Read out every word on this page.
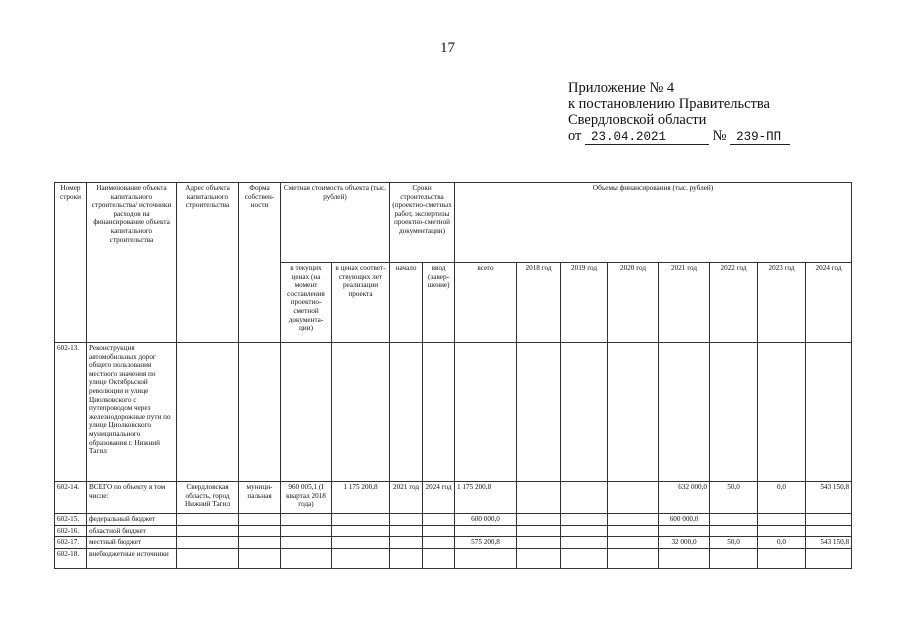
17
Приложение № 4
к постановлению Правительства
Свердловской области
от 23.04.2021	№ 239-ПП
Номер строки	Наименование объекта капитального строительства/ источники расходов на финансирование объекта капитального строительства	Адрес объекта капитального строительства	Форма собствен-ности	Сметная стоимость объекта (тыс. рублей)		Сроки строительства (проектно-сметных работ, экспертизы проектно-сметной документации)		Объемы финансирования (тыс. рублей)							
				в текущих ценах (на момент составления проектно-сметной документа-ции)	в ценах соответ-ствующих лет реализации проекта	начало	ввод (завер-шение)	всего	2018 год	2019 год	2020 год	2021 год	2022 год	2023 год	2024 год
602-13.	Реконструкция автомобильных дорог общего пользования местного значения по улице Октябрьской революции и улице Циолковского с путепроводом через железнодорожные пути по улице Циолковского муниципального образования г. Нижний Тагил														
602-14.	ВСЕГО по объекту в том числе:	Свердловская область, город Нижний Тагил	муници-пальная	960 005,1 (I квартал 2018 года)	1 175 200,8	2021 год	2024 год	1 175 200,8				632 000,0	50,0	0,0	543 150,8
602-15.	федеральный бюджет							600 000,0				600 000,0			
602-16.	областной бюджет														
602-17.	местный бюджет							575 200,8				32 000,0	50,0	0,0	543 150,8
602-18.	внебюджетные источники														
